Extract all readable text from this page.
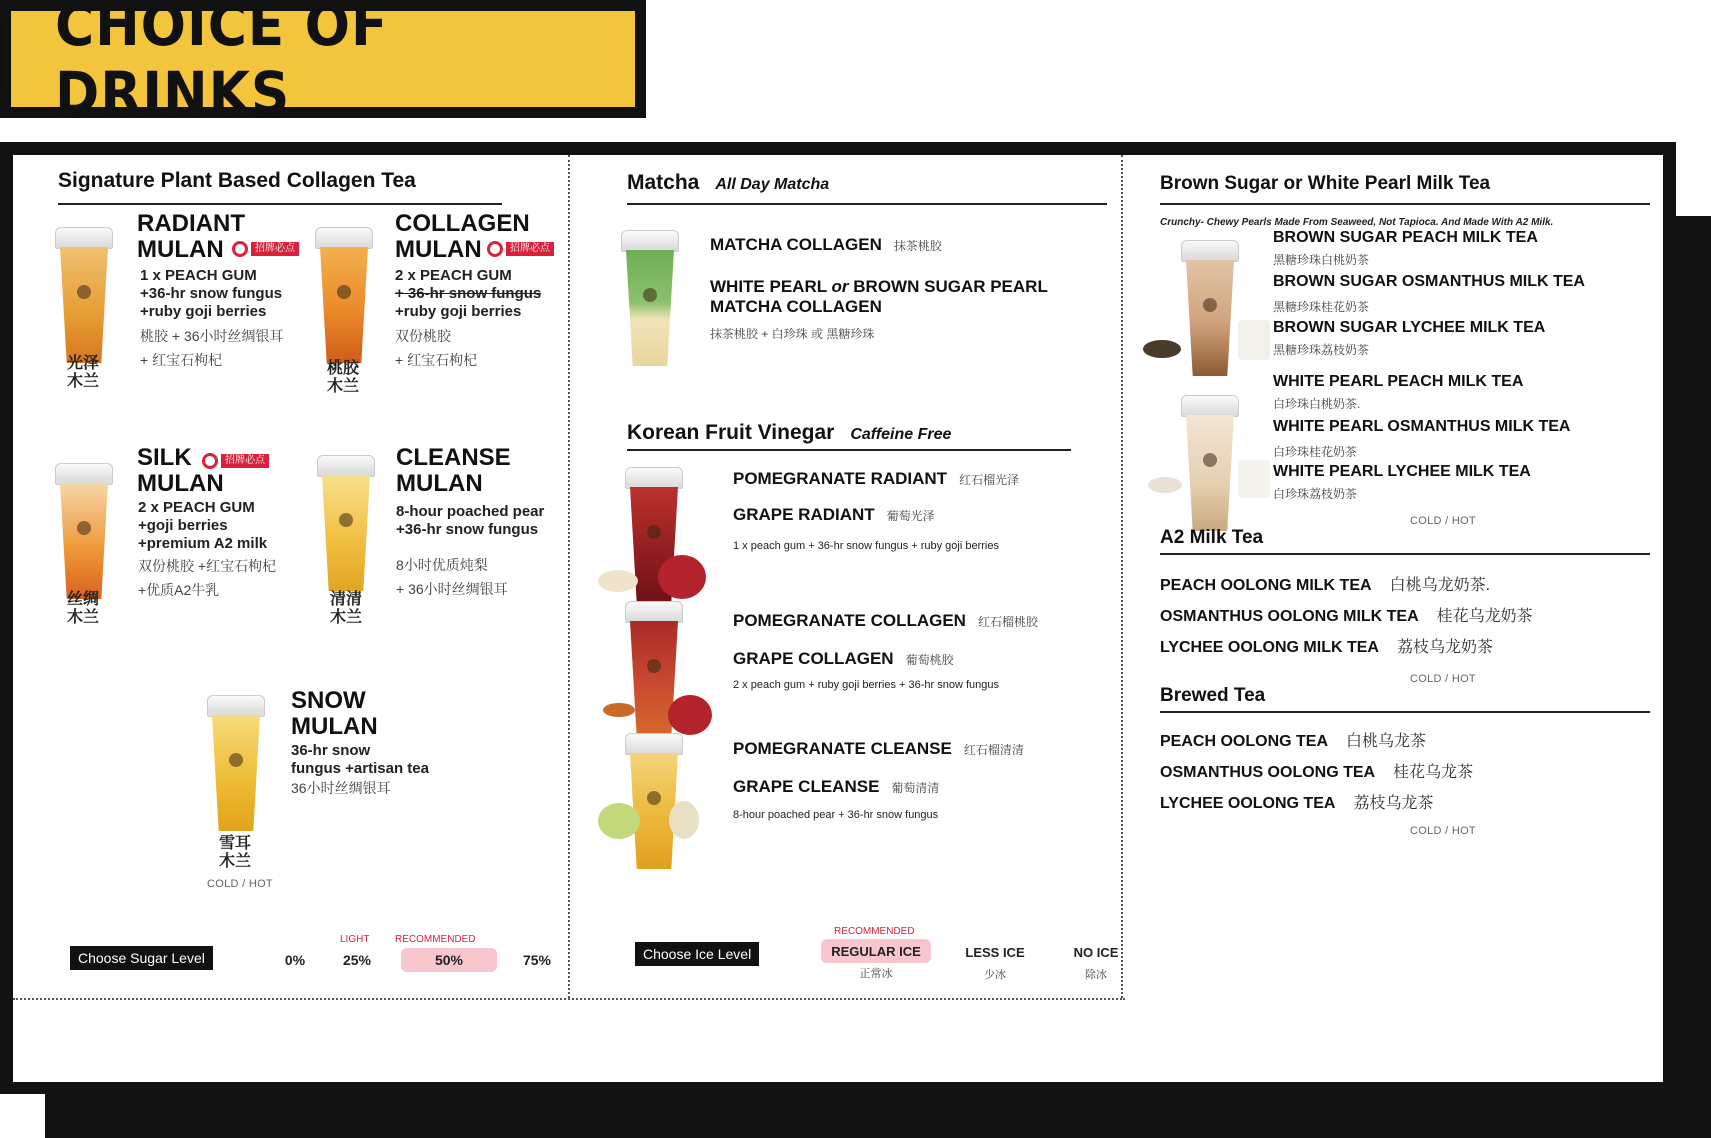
CHOICE OF DRINKS
Signature Plant Based Collagen Tea
光泽
木兰
RADIANT
MULAN	招牌必点
1 x PEACH GUM
+36-hr snow fungus
+ruby goji berries
桃胶 + 36小时丝绸银耳
+ 红宝石枸杞	桃胶
木兰
COLLAGEN
MULAN	招牌必点
2 x PEACH GUM
+ 36-hr snow fungus
+ruby goji berries
双份桃胶
+ 红宝石枸杞
丝绸
木兰
SILK
MULAN
招牌必点
2 x PEACH GUM
+goji berries
+premium A2 milk
双份桃胶 +红宝石枸杞
+优质A2牛乳
清清
木兰
CLEANSE
MULAN
8-hour poached pear
+36-hr snow fungus
8小时优质炖梨
+ 36小时丝绸银耳
雪耳
木兰
COLD / HOT
SNOW
MULAN
36-hr snow
fungus +artisan tea
36小时丝绸银耳
Matcha All Day Matcha
MATCHA COLLAGEN 抹茶桃胶
WHITE PEARL or BROWN SUGAR PEARL
MATCHA COLLAGEN
抹茶桃胶 + 白珍珠 或 黑糖珍珠
Korean Fruit Vinegar Caffeine Free
POMEGRANATE RADIANT 红石榴光泽
GRAPE RADIANT 葡萄光泽
1 x peach gum + 36-hr snow fungus + ruby goji berries
POMEGRANATE COLLAGEN 红石榴桃胶
GRAPE COLLAGEN 葡萄桃胶
2 x peach gum + ruby goji berries + 36-hr snow fungus
POMEGRANATE CLEANSE 红石榴清清
GRAPE CLEANSE 葡萄清清
8-hour poached pear + 36-hr snow fungus
Brown Sugar or White Pearl Milk Tea
Crunchy- Chewy Pearls Made From Seaweed, Not Tapioca. And Made With A2 Milk.
BROWN SUGAR PEACH MILK TEA
黑糖珍珠白桃奶茶
BROWN SUGAR OSMANTHUS MILK TEA
黑糖珍珠桂花奶茶
BROWN SUGAR LYCHEE MILK TEA
黑糖珍珠荔枝奶茶
WHITE PEARL PEACH MILK TEA
白珍珠白桃奶茶.
WHITE PEARL OSMANTHUS MILK TEA
白珍珠桂花奶茶
WHITE PEARL LYCHEE MILK TEA
白珍珠荔枝奶茶
COLD / HOT
A2 Milk Tea
PEACH OOLONG MILK TEA 白桃乌龙奶茶.
OSMANTHUS OOLONG MILK TEA 桂花乌龙奶茶
LYCHEE OOLONG MILK TEA 荔枝乌龙奶茶
COLD / HOT
Brewed Tea
PEACH OOLONG TEA 白桃乌龙茶
OSMANTHUS OOLONG TEA 桂花乌龙茶
LYCHEE OOLONG TEA 荔枝乌龙茶
COLD / HOT
Choose Sugar Level
LIGHT	RECOMMENDED
0%	25%	50%	75%	Choose Ice Level
RECOMMENDED
REGULAR ICE
正常冰
LESS ICE
少冰
NO ICE
除冰
